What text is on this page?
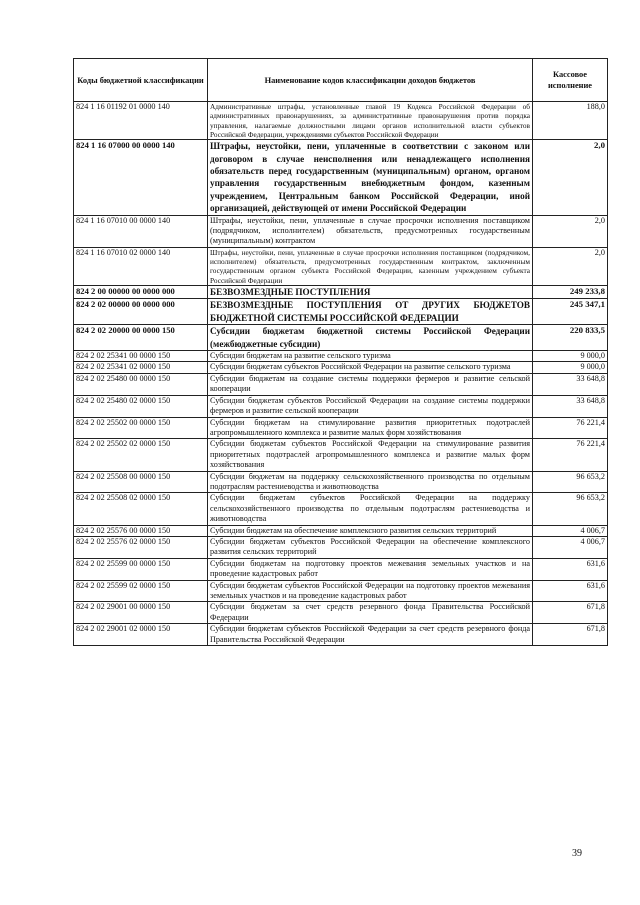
Коды бюджетной классификации	Наименование кодов классификации доходов бюджетов	Кассовое исполнение
824 1 16 01192 01 0000 140	Административные штрафы, установленные главой 19 Кодекса Российской Федерации об административных правонарушениях, за административные правонарушения против порядка управления, налагаемые должностными лицами органов исполнительной власти субъектов Российской Федерации, учреждениями субъектов Российской Федерации	188,0
824 1 16 07000 00 0000 140	Штрафы, неустойки, пени, уплаченные в соответствии с законом или договором в случае неисполнения или ненадлежащего исполнения обязательств перед государственным (муниципальным) органом, органом управления государственным внебюджетным фондом, казенным учреждением, Центральным банком Российской Федерации, иной организацией, действующей от имени Российской Федерации	2,0
824 1 16 07010 00 0000 140	Штрафы, неустойки, пени, уплаченные в случае просрочки исполнения поставщиком (подрядчиком, исполнителем) обязательств, предусмотренных государственным (муниципальным) контрактом	2,0
824 1 16 07010 02 0000 140	Штрафы, неустойки, пени, уплаченные в случае просрочки исполнения поставщиком (подрядчиком, исполнителем) обязательств, предусмотренных государственным контрактом, заключенным государственным органом субъекта Российской Федерации, казенным учреждением субъекта Российской Федерации	2,0
824 2 00 00000 00 0000 000	БЕЗВОЗМЕЗДНЫЕ ПОСТУПЛЕНИЯ	249 233,8
824 2 02 00000 00 0000 000	БЕЗВОЗМЕЗДНЫЕ ПОСТУПЛЕНИЯ ОТ ДРУГИХ БЮДЖЕТОВ БЮДЖЕТНОЙ СИСТЕМЫ РОССИЙСКОЙ ФЕДЕРАЦИИ	245 347,1
824 2 02 20000 00 0000 150	Субсидии бюджетам бюджетной системы Российской Федерации (межбюджетные субсидии)	220 833,5
824 2 02 25341 00 0000 150	Субсидии бюджетам на развитие сельского туризма	9 000,0
824 2 02 25341 02 0000 150	Субсидии бюджетам субъектов Российской Федерации на развитие сельского туризма	9 000,0
824 2 02 25480 00 0000 150	Субсидии бюджетам на создание системы поддержки фермеров и развитие сельской кооперации	33 648,8
824 2 02 25480 02 0000 150	Субсидии бюджетам субъектов Российской Федерации на создание системы поддержки фермеров и развитие сельской кооперации	33 648,8
824 2 02 25502 00 0000 150	Субсидии бюджетам на стимулирование развития приоритетных подотраслей агропромышленного комплекса и развитие малых форм хозяйствования	76 221,4
824 2 02 25502 02 0000 150	Субсидии бюджетам субъектов Российской Федерации на стимулирование развития приоритетных подотраслей агропромышленного комплекса и развитие малых форм хозяйствования	76 221,4
824 2 02 25508 00 0000 150	Субсидии бюджетам на поддержку сельскохозяйственного производства по отдельным подотраслям растениеводства и животноводства	96 653,2
824 2 02 25508 02 0000 150	Субсидии бюджетам субъектов Российской Федерации на поддержку сельскохозяйственного производства по отдельным подотраслям растениеводства и животноводства	96 653,2
824 2 02 25576 00 0000 150	Субсидии бюджетам на обеспечение комплексного развития сельских территорий	4 006,7
824 2 02 25576 02 0000 150	Субсидии бюджетам субъектов Российской Федерации на обеспечение комплексного развития сельских территорий	4 006,7
824 2 02 25599 00 0000 150	Субсидии бюджетам на подготовку проектов межевания земельных участков и на проведение кадастровых работ	631,6
824 2 02 25599 02 0000 150	Субсидии бюджетам субъектов Российской Федерации на подготовку проектов межевания земельных участков и на проведение кадастровых работ	631,6
824 2 02 29001 00 0000 150	Субсидии бюджетам за счет средств резервного фонда Правительства Российской Федерации	671,8
824 2 02 29001 02 0000 150	Субсидии бюджетам субъектов Российской Федерации за счет средств резервного фонда Правительства Российской Федерации	671,8
39
